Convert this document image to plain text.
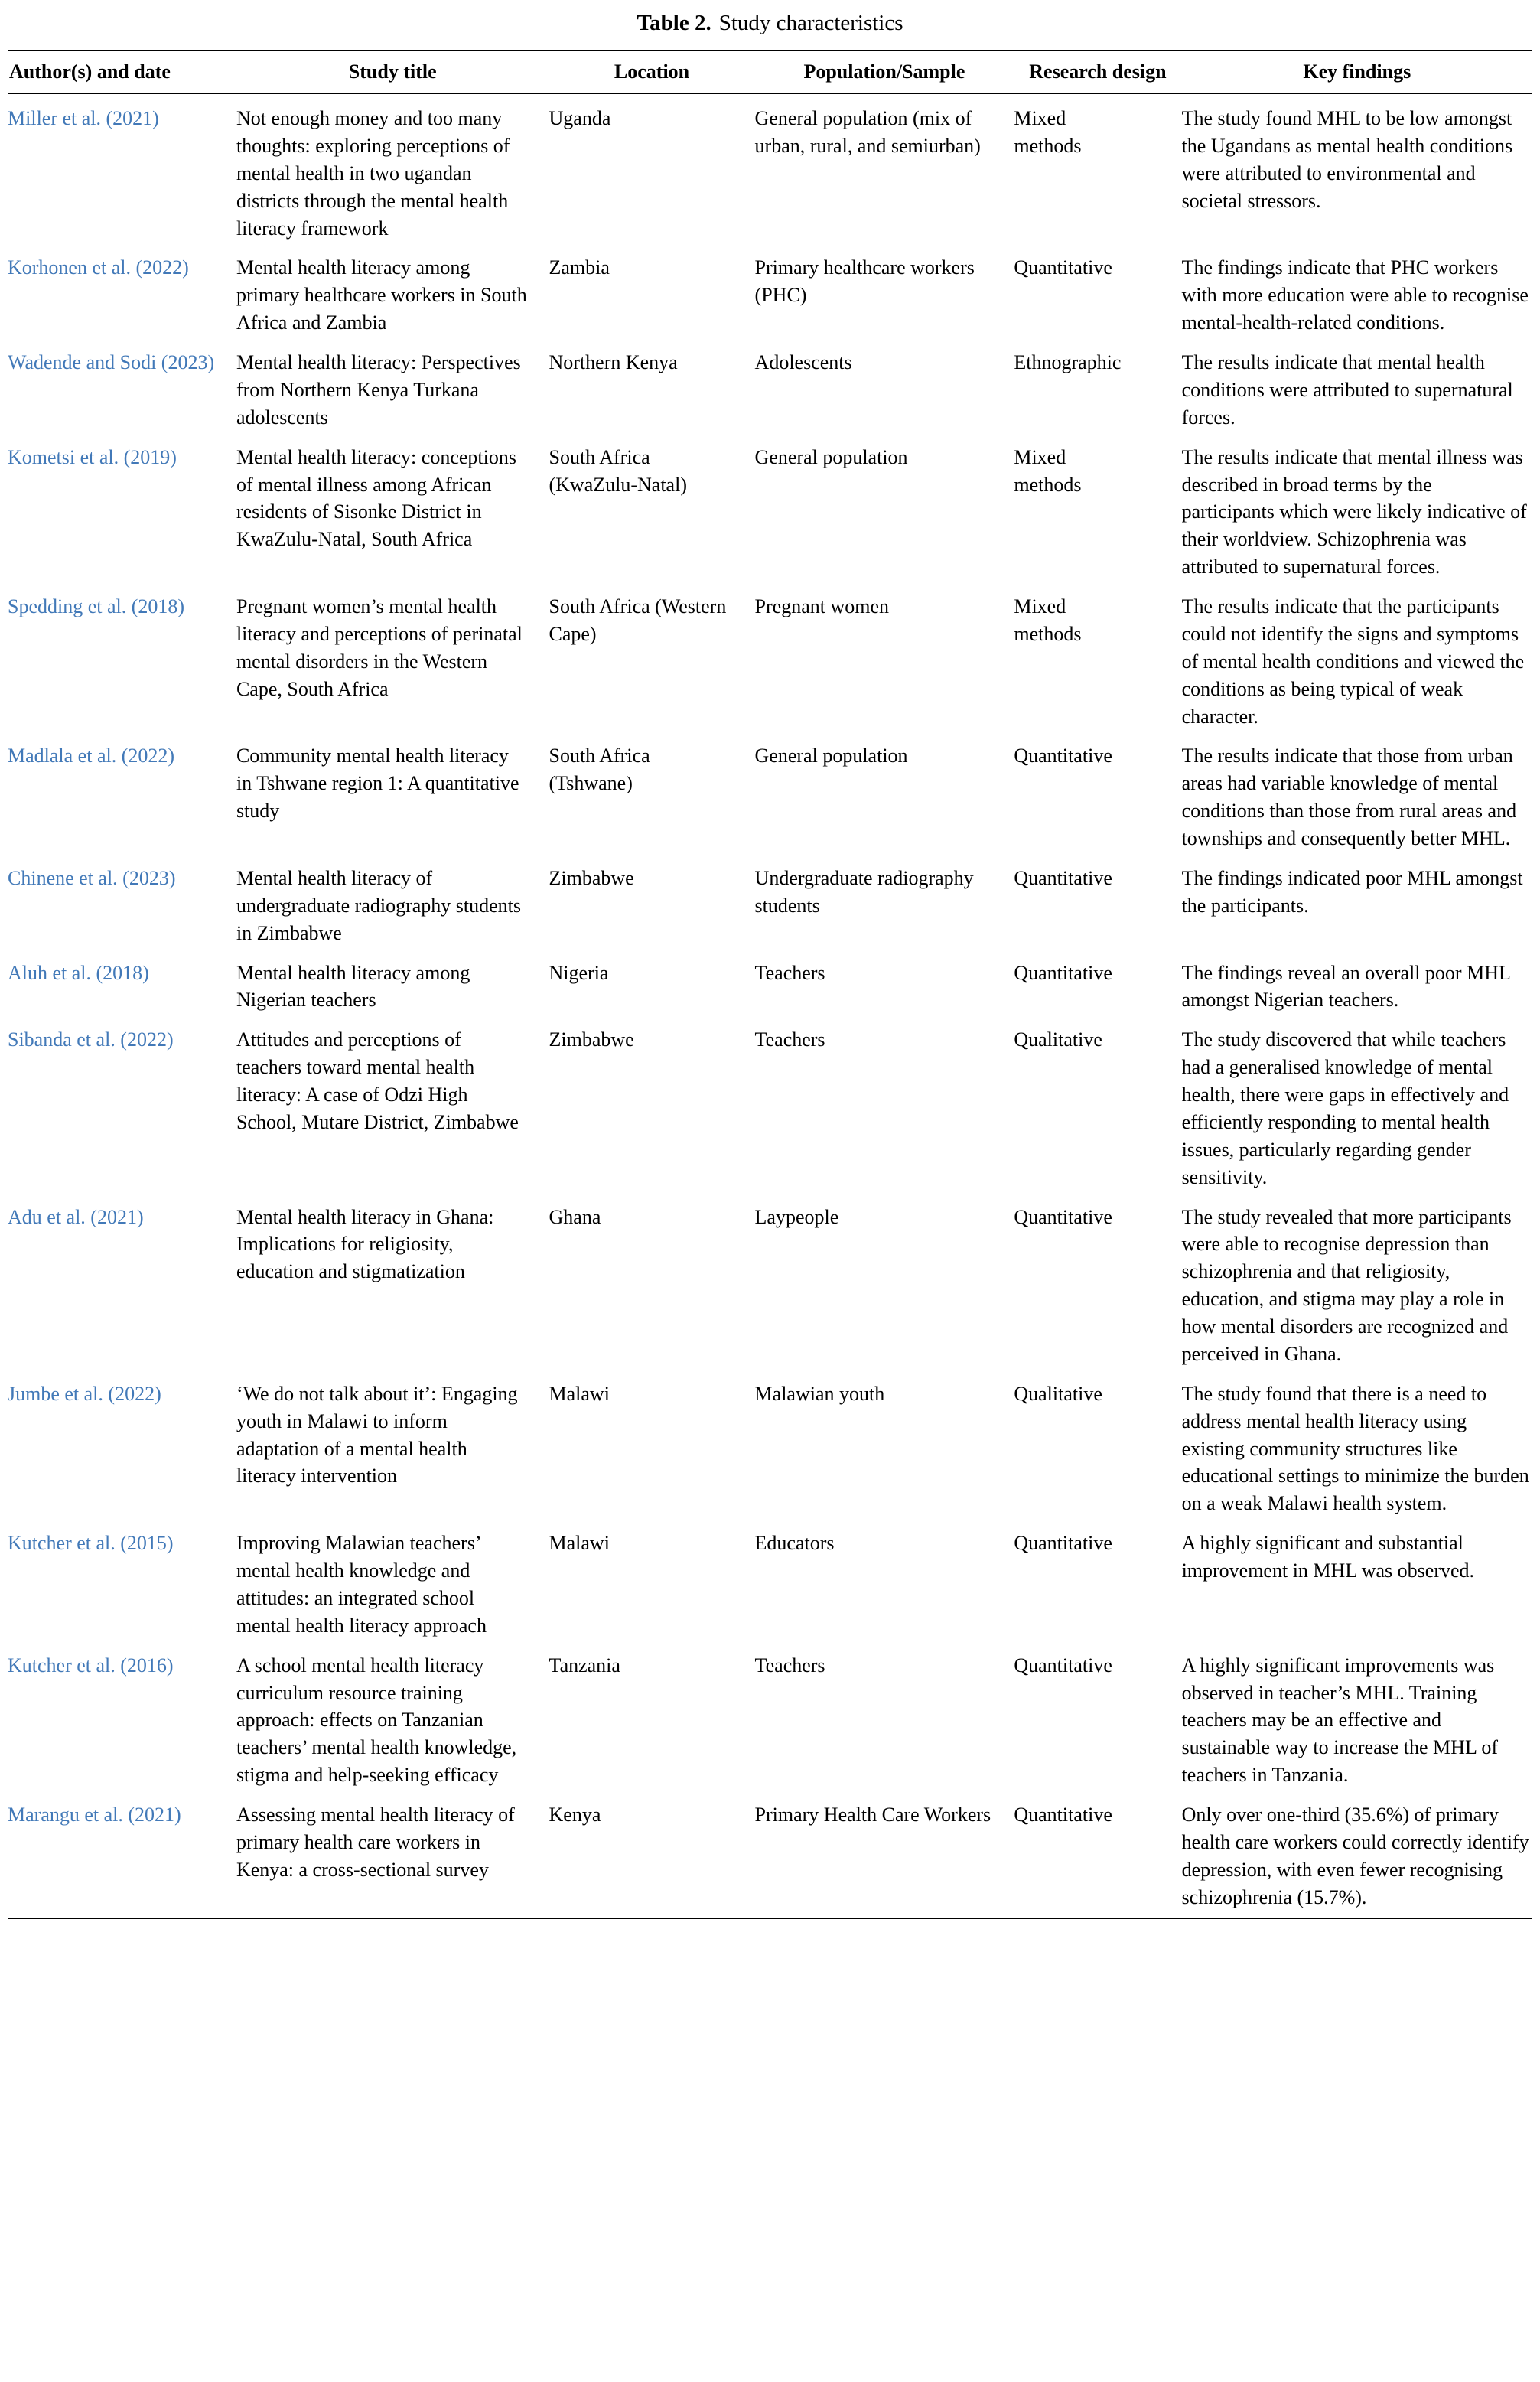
Table 2. Study characteristics
Author(s) and date	Study title	Location	Population/Sample	Research design	Key findings
Miller et al. (2021)	Not enough money and too many thoughts: exploring perceptions of mental health in two ugandan districts through the mental health literacy framework	Uganda	General population (mix of urban, rural, and semiurban)	Mixed methods	The study found MHL to be low amongst the Ugandans as mental health conditions were attributed to environmental and societal stressors.
Korhonen et al. (2022)	Mental health literacy among primary healthcare workers in South Africa and Zambia	Zambia	Primary healthcare workers (PHC)	Quantitative	The findings indicate that PHC workers with more education were able to recognise mental-health-related conditions.
Wadende and Sodi (2023)	Mental health literacy: Perspectives from Northern Kenya Turkana adolescents	Northern Kenya	Adolescents	Ethnographic	The results indicate that mental health conditions were attributed to supernatural forces.
Kometsi et al. (2019)	Mental health literacy: conceptions of mental illness among African residents of Sisonke District in KwaZulu-Natal, South Africa	South Africa (KwaZulu-Natal)	General population	Mixed methods	The results indicate that mental illness was described in broad terms by the participants which were likely indicative of their worldview. Schizophrenia was attributed to supernatural forces.
Spedding et al. (2018)	Pregnant women’s mental health literacy and perceptions of perinatal mental disorders in the Western Cape, South Africa	South Africa (Western Cape)	Pregnant women	Mixed methods	The results indicate that the participants could not identify the signs and symptoms of mental health conditions and viewed the conditions as being typical of weak character.
Madlala et al. (2022)	Community mental health literacy in Tshwane region 1: A quantitative study	South Africa (Tshwane)	General population	Quantitative	The results indicate that those from urban areas had variable knowledge of mental conditions than those from rural areas and townships and consequently better MHL.
Chinene et al. (2023)	Mental health literacy of undergraduate radiography students in Zimbabwe	Zimbabwe	Undergraduate radiography students	Quantitative	The findings indicated poor MHL amongst the participants.
Aluh et al. (2018)	Mental health literacy among Nigerian teachers	Nigeria	Teachers	Quantitative	The findings reveal an overall poor MHL amongst Nigerian teachers.
Sibanda et al. (2022)	Attitudes and perceptions of teachers toward mental health literacy: A case of Odzi High School, Mutare District, Zimbabwe	Zimbabwe	Teachers	Qualitative	The study discovered that while teachers had a generalised knowledge of mental health, there were gaps in effectively and efficiently responding to mental health issues, particularly regarding gender sensitivity.
Adu et al. (2021)	Mental health literacy in Ghana: Implications for religiosity, education and stigmatization	Ghana	Laypeople	Quantitative	The study revealed that more participants were able to recognise depression than schizophrenia and that religiosity, education, and stigma may play a role in how mental disorders are recognized and perceived in Ghana.
Jumbe et al. (2022)	‘We do not talk about it’: Engaging youth in Malawi to inform adaptation of a mental health literacy intervention	Malawi	Malawian youth	Qualitative	The study found that there is a need to address mental health literacy using existing community structures like educational settings to minimize the burden on a weak Malawi health system.
Kutcher et al. (2015)	Improving Malawian teachers’ mental health knowledge and attitudes: an integrated school mental health literacy approach	Malawi	Educators	Quantitative	A highly significant and substantial improvement in MHL was observed.
Kutcher et al. (2016)	A school mental health literacy curriculum resource training approach: effects on Tanzanian teachers’ mental health knowledge, stigma and help-seeking efficacy	Tanzania	Teachers	Quantitative	A highly significant improvements was observed in teacher’s MHL. Training teachers may be an effective and sustainable way to increase the MHL of teachers in Tanzania.
Marangu et al. (2021)	Assessing mental health literacy of primary health care workers in Kenya: a cross-sectional survey	Kenya	Primary Health Care Workers	Quantitative	Only over one-third (35.6%) of primary health care workers could correctly identify depression, with even fewer recognising schizophrenia (15.7%).
